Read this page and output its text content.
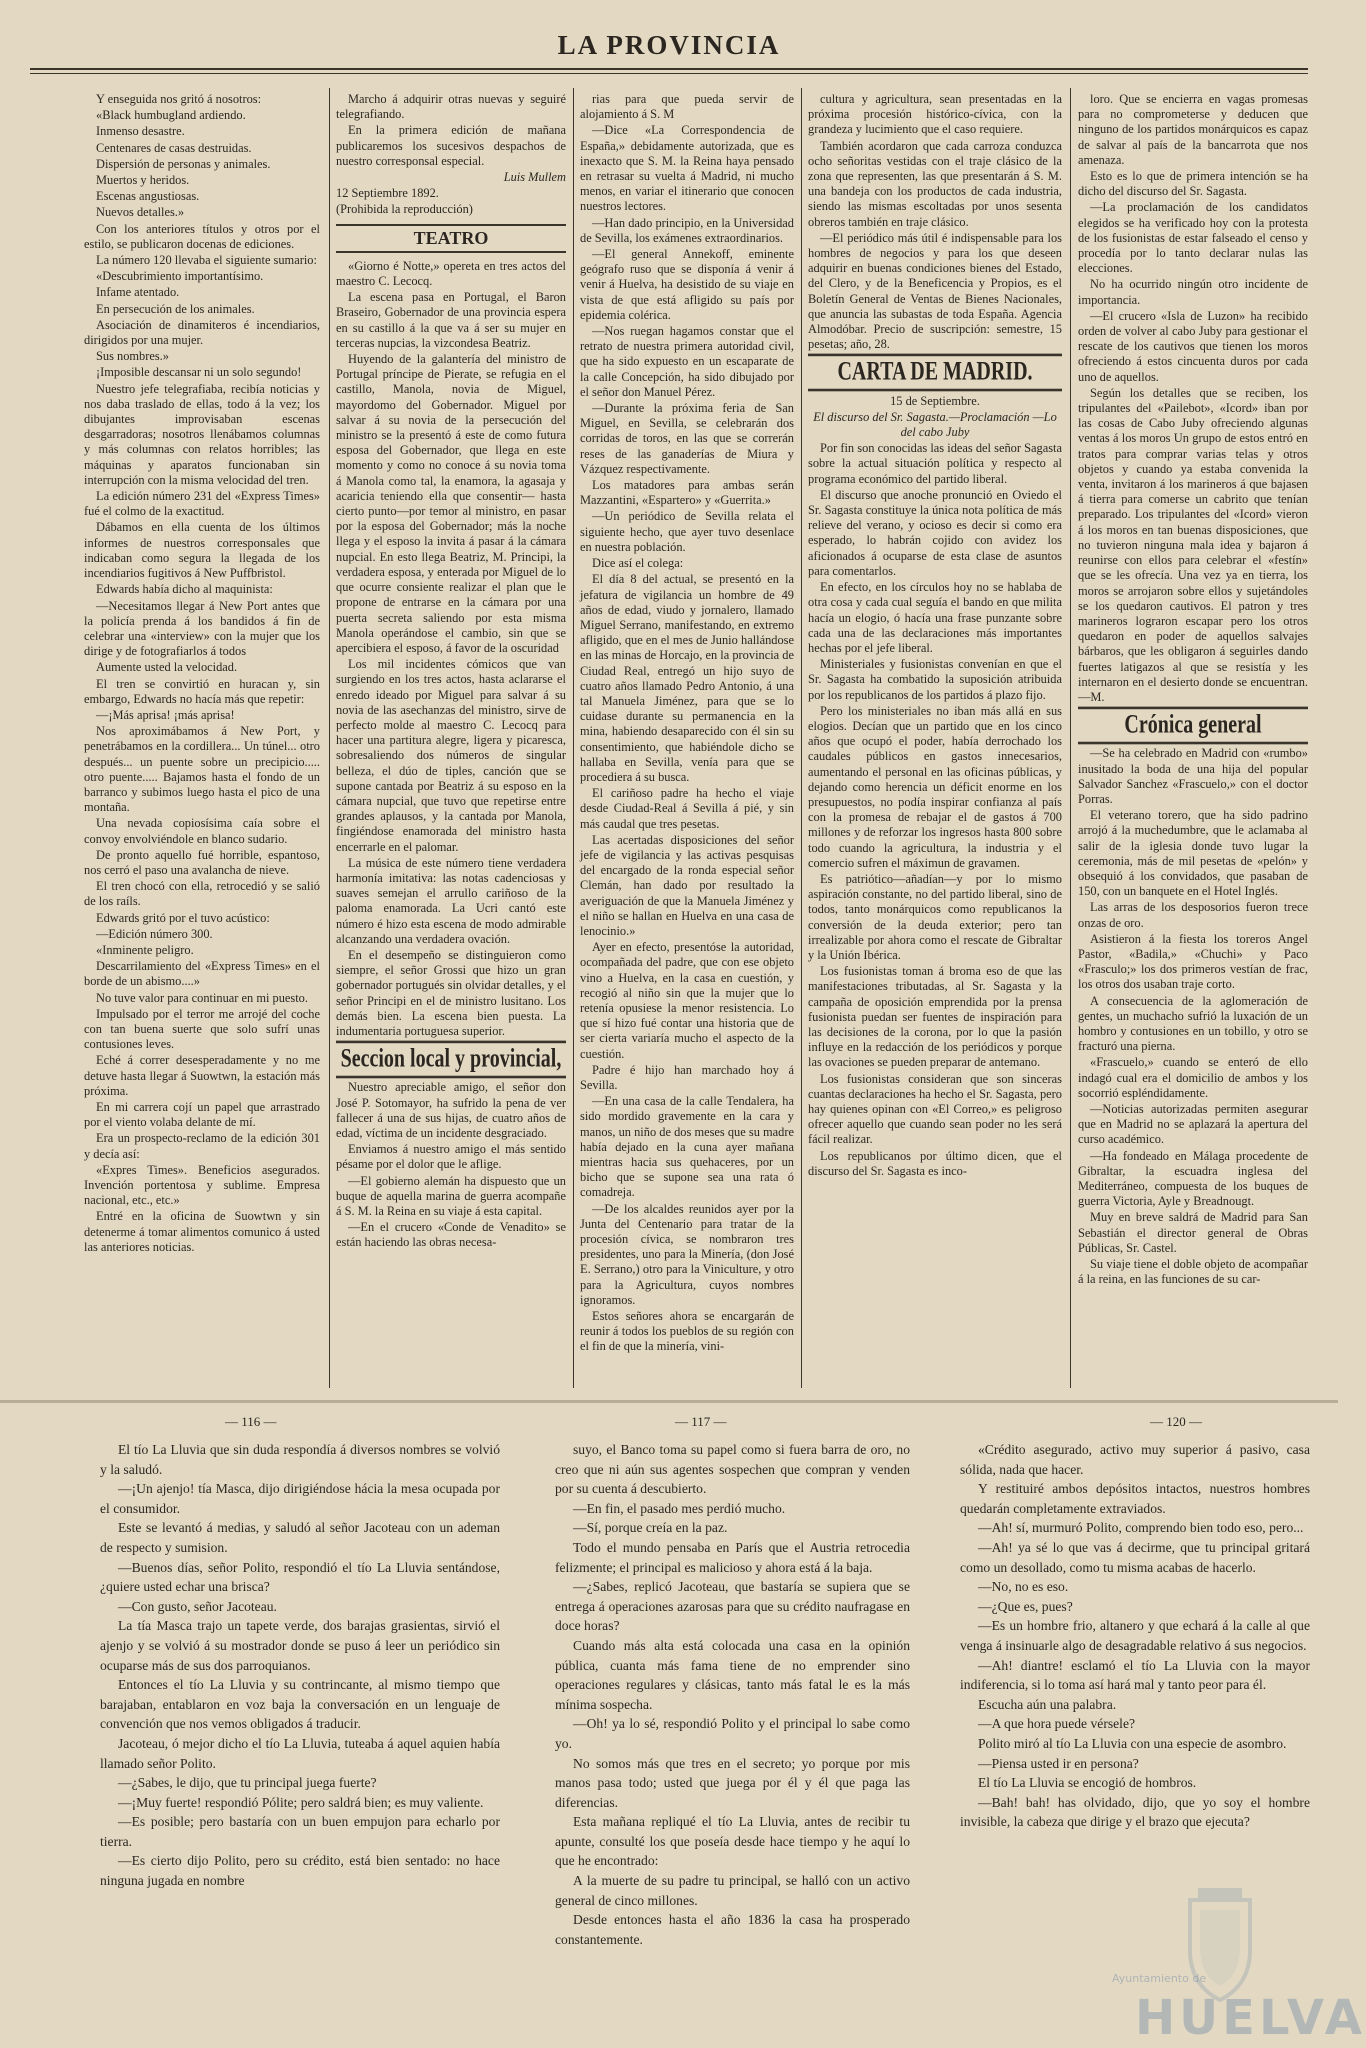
LA PROVINCIA

Y enseguida nos gritó á nosotros:

«Black humbugland ardiendo.

Inmenso desastre.

Centenares de casas destruidas.

Dispersión de personas y animales.

Muertos y heridos.

Escenas angustiosas.

Nuevos detalles.»

Con los anteriores títulos y otros por el estilo, se publicaron docenas de ediciones.

La número 120 llevaba el siguiente sumario:

«Descubrimiento importantísimo.

Infame atentado.

En persecución de los animales.

Asociación de dinamiteros é incendiarios, dirigidos por una mujer.

Sus nombres.»

¡Imposible descansar ni un solo segundo!

Nuestro jefe telegrafiaba, recibía noticias y nos daba traslado de ellas, todo á la vez; los dibujantes improvisaban escenas desgarradoras; nosotros llenábamos columnas y más columnas con relatos horribles; las máquinas y aparatos funcionaban sin interrupción con la misma velocidad del tren.

La edición número 231 del «Express Times» fué el colmo de la exactitud.

Dábamos en ella cuenta de los últimos informes de nuestros corresponsales que indicaban como segura la llegada de los incendiarios fugitivos á New Puffbristol.

Edwards había dicho al maquinista:

—Necesitamos llegar á New Port antes que la policía prenda á los bandidos á fin de celebrar una «interview» con la mujer que los dirige y de fotografiarlos á todos

Aumente usted la velocidad.

El tren se convirtió en huracan y, sin embargo, Edwards no hacía más que repetir:

—¡Más aprisa! ¡más aprisa!

Nos aproximábamos á New Port, y penetrábamos en la cordillera... Un túnel... otro después... un puente sobre un precipicio..... otro puente..... Bajamos hasta el fondo de un barranco y subimos luego hasta el pico de una montaña.

Una nevada copiosísima caía sobre el convoy envolviéndole en blanco sudario.

De pronto aquello fué horrible, espantoso, nos cerró el paso una avalancha de nieve.

El tren chocó con ella, retrocedió y se salió de los raíls.

Edwards gritó por el tuvo acústico:

—Edición número 300.

«Inminente peligro.

Descarrilamiento del «Express Times» en el borde de un abismo....»

No tuve valor para continuar en mi puesto.

Impulsado por el terror me arrojé del coche con tan buena suerte que solo sufrí unas contusiones leves.

Eché á correr desesperadamente y no me detuve hasta llegar á Suowtwn, la estación más próxima.

En mi carrera cojí un papel que arrastrado por el viento volaba delante de mí.

Era un prospecto-reclamo de la edición 301 y decía así:

«Expres Times». Beneficios asegurados. Invención portentosa y sublime. Empresa nacional, etc., etc.»

Entré en la oficina de Suowtwn y sin detenerme á tomar alimentos comunico á usted las anteriores noticias.

Marcho á adquirir otras nuevas y seguiré telegrafiando.

En la primera edición de mañana publicaremos los sucesivos despachos de nuestro corresponsal especial.

Luis Mullem

12 Septiembre 1892.

(Prohibida la reproducción)

TEATRO

«Giorno é Notte,» opereta en tres actos del maestro C. Lecocq.

La escena pasa en Portugal, el Baron Braseiro, Gobernador de una provincia espera en su castillo á la que va á ser su mujer en terceras nupcias, la vizcondesa Beatriz.

Huyendo de la galantería del ministro de Portugal príncipe de Pierate, se refugia en el castillo, Manola, novia de Miguel, mayordomo del Gobernador. Miguel por salvar á su novia de la persecución del ministro se la presentó á este de como futura esposa del Gobernador, que llega en este momento y como no conoce á su novia toma á Manola como tal, la enamora, la agasaja y acaricia teniendo ella que consentir— hasta cierto punto—por temor al ministro, en pasar por la esposa del Gobernador; más la noche llega y el esposo la invita á pasar á la cámara nupcial. En esto llega Beatriz, M. Principi, la verdadera esposa, y enterada por Miguel de lo que ocurre consiente realizar el plan que le propone de entrarse en la cámara por una puerta secreta saliendo por esta misma Manola operándose el cambio, sin que se apercibiera el esposo, á favor de la oscuridad

Los mil incidentes cómicos que van surgiendo en los tres actos, hasta aclararse el enredo ideado por Miguel para salvar á su novia de las asechanzas del ministro, sirve de perfecto molde al maestro C. Lecocq para hacer una partitura alegre, ligera y picaresca, sobresaliendo dos números de singular belleza, el dúo de tiples, canción que se supone cantada por Beatriz á su esposo en la cámara nupcial, que tuvo que repetirse entre grandes aplausos, y la cantada por Manola, fingiéndose enamorada del ministro hasta encerrarle en el palomar.

La música de este número tiene verdadera harmonía imitativa: las notas cadenciosas y suaves semejan el arrullo cariñoso de la paloma enamorada. La Ucri cantó este número é hizo esta escena de modo admirable alcanzando una verdadera ovación.

En el desempeño se distinguieron como siempre, el señor Grossi que hizo un gran gobernador portugués sin olvidar detalles, y el señor Principi en el de ministro lusitano. Los demás bien. La escena bien puesta. La indumentaria portuguesa superior.

Seccion local y provincial,

Nuestro apreciable amigo, el señor don José P. Sotomayor, ha sufrido la pena de ver fallecer á una de sus hijas, de cuatro años de edad, víctima de un incidente desgraciado.

Enviamos á nuestro amigo el más sentido pésame por el dolor que le aflige.

—El gobierno alemán ha dispuesto que un buque de aquella marina de guerra acompañe á S. M. la Reina en su viaje á esta capital.

—En el crucero «Conde de Venadito» se están haciendo las obras necesa-

rias para que pueda servir de alojamiento á S. M

—Dice «La Correspondencia de España,» debidamente autorizada, que es inexacto que S. M. la Reina haya pensado en retrasar su vuelta á Madrid, ni mucho menos, en variar el itinerario que conocen nuestros lectores.

—Han dado principio, en la Universidad de Sevilla, los exámenes extraordinarios.

—El general Annekoff, eminente geógrafo ruso que se disponía á venir á venir á Huelva, ha desistido de su viaje en vista de que está afligido su país por epidemia colérica.

—Nos ruegan hagamos constar que el retrato de nuestra primera autoridad civil, que ha sido expuesto en un escaparate de la calle Concepción, ha sido dibujado por el señor don Manuel Pérez.

—Durante la próxima feria de San Miguel, en Sevilla, se celebrarán dos corridas de toros, en las que se correrán reses de las ganaderías de Miura y Vázquez respectivamente.

Los matadores para ambas serán Mazzantini, «Espartero» y «Guerrita.»

—Un periódico de Sevilla relata el siguiente hecho, que ayer tuvo desenlace en nuestra población.

Dice así el colega:

El día 8 del actual, se presentó en la jefatura de vigilancia un hombre de 49 años de edad, viudo y jornalero, llamado Miguel Serrano, manifestando, en extremo afligido, que en el mes de Junio hallándose en las minas de Horcajo, en la provincia de Ciudad Real, entregó un hijo suyo de cuatro años llamado Pedro Antonio, á una tal Manuela Jiménez, para que se lo cuidase durante su permanencia en la mina, habiendo desaparecido con él sin su consentimiento, que habiéndole dicho se hallaba en Sevilla, venía para que se procediera á su busca.

El cariñoso padre ha hecho el viaje desde Ciudad-Real á Sevilla á pié, y sin más caudal que tres pesetas.

Las acertadas disposiciones del señor jefe de vigilancia y las activas pesquisas del encargado de la ronda especial señor Clemán, han dado por resultado la averiguación de que la Manuela Jiménez y el niño se hallan en Huelva en una casa de lenocinio.»

Ayer en efecto, presentóse la autoridad, ocompañada del padre, que con ese objeto vino a Huelva, en la casa en cuestión, y recogió al niño sin que la mujer que lo retenía opusiese la menor resistencia. Lo que sí hizo fué contar una historia que de ser cierta variaría mucho el aspecto de la cuestión.

Padre é hijo han marchado hoy á Sevilla.

—En una casa de la calle Tendalera, ha sido mordido gravemente en la cara y manos, un niño de dos meses que su madre había dejado en la cuna ayer mañana mientras hacia sus quehaceres, por un bicho que se supone sea una rata ó comadreja.

—De los alcaldes reunidos ayer por la Junta del Centenario para tratar de la procesión cívica, se nombraron tres presidentes, uno para la Minería, (don José E. Serrano,) otro para la Viniculture, y otro para la Agricultura, cuyos nombres ignoramos.

Estos señores ahora se encargarán de reunir á todos los pueblos de su región con el fin de que la minería, vini-

cultura y agricultura, sean presentadas en la próxima procesión histórico-cívica, con la grandeza y lucimiento que el caso requiere.

También acordaron que cada carroza conduzca ocho señoritas vestidas con el traje clásico de la zona que representen, las que presentarán á S. M. una bandeja con los productos de cada industria, siendo las mismas escoltadas por unos sesenta obreros también en traje clásico.

—El periódico más útil é indispensable para los hombres de negocios y para los que deseen adquirir en buenas condiciones bienes del Estado, del Clero, y de la Beneficencia y Propios, es el Boletín General de Ventas de Bienes Nacionales, que anuncia las subastas de toda España. Agencia Almodóbar. Precio de suscripción: semestre, 15 pesetas; año, 28.

CARTA DE MADRID.

15 de Septiembre.

El discurso del Sr. Sagasta.—Proclamación —Lo del cabo Juby

Por fin son conocidas las ideas del señor Sagasta sobre la actual situación política y respecto al programa económico del partido liberal.

El discurso que anoche pronunció en Oviedo el Sr. Sagasta constituye la única nota política de más relieve del verano, y ocioso es decir si como era esperado, lo habrán cojido con avidez los aficionados á ocuparse de esta clase de asuntos para comentarlos.

En efecto, en los círculos hoy no se hablaba de otra cosa y cada cual seguía el bando en que milita hacía un elogio, ó hacía una frase punzante sobre cada una de las declaraciones más importantes hechas por el jefe liberal.

Ministeriales y fusionistas convenían en que el Sr. Sagasta ha combatido la suposición atribuida por los republicanos de los partidos á plazo fijo.

Pero los ministeriales no iban más allá en sus elogios. Decían que un partido que en los cinco años que ocupó el poder, había derrochado los caudales públicos en gastos innecesarios, aumentando el personal en las oficinas públicas, y dejando como herencia un déficit enorme en los presupuestos, no podía inspirar confianza al país con la promesa de rebajar el de gastos á 700 millones y de reforzar los ingresos hasta 800 sobre todo cuando la agricultura, la industria y el comercio sufren el máximun de gravamen.

Es patriótico—añadían—y por lo mismo aspiración constante, no del partido liberal, sino de todos, tanto monárquicos como republicanos la conversión de la deuda exterior; pero tan irrealizable por ahora como el rescate de Gibraltar y la Unión Ibérica.

Los fusionistas toman á broma eso de que las manifestaciones tributadas, al Sr. Sagasta y la campaña de oposición emprendida por la prensa fusionista puedan ser fuentes de inspiración para las decisiones de la corona, por lo que la pasión influye en la redacción de los periódicos y porque las ovaciones se pueden preparar de antemano.

Los fusionistas consideran que son sinceras cuantas declaraciones ha hecho el Sr. Sagasta, pero hay quienes opinan con «El Correo,» es peligroso ofrecer aquello que cuando sean poder no les será fácil realizar.

Los republicanos por último dicen, que el discurso del Sr. Sagasta es inco-

loro. Que se encierra en vagas promesas para no comprometerse y deducen que ninguno de los partidos monárquicos es capaz de salvar al país de la bancarrota que nos amenaza.

Esto es lo que de primera intención se ha dicho del discurso del Sr. Sagasta.

—La proclamación de los candidatos elegidos se ha verificado hoy con la protesta de los fusionistas de estar falseado el censo y procedía por lo tanto declarar nulas las elecciones.

No ha ocurrido ningún otro incidente de importancia.

—El crucero «Isla de Luzon» ha recibido orden de volver al cabo Juby para gestionar el rescate de los cautivos que tienen los moros ofreciendo á estos cincuenta duros por cada uno de aquellos.

Según los detalles que se reciben, los tripulantes del «Pailebot», «Icord» iban por las cosas de Cabo Juby ofreciendo algunas ventas á los moros Un grupo de estos entró en tratos para comprar varias telas y otros objetos y cuando ya estaba convenida la venta, invitaron á los marineros á que bajasen á tierra para comerse un cabrito que tenían preparado. Los tripulantes del «Icord» vieron á los moros en tan buenas disposiciones, que no tuvieron ninguna mala idea y bajaron á reunirse con ellos para celebrar el «festín» que se les ofrecía. Una vez ya en tierra, los moros se arrojaron sobre ellos y sujetándoles se los quedaron cautivos. El patron y tres marineros lograron escapar pero los otros quedaron en poder de aquellos salvajes bárbaros, que les obligaron á seguirles dando fuertes latigazos al que se resistía y les internaron en el desierto donde se encuentran.—M.

Crónica general

—Se ha celebrado en Madrid con «rumbo» inusitado la boda de una hija del popular Salvador Sanchez «Frascuelo,» con el doctor Porras.

El veterano torero, que ha sido padrino arrojó á la muchedumbre, que le aclamaba al salir de la iglesia donde tuvo lugar la ceremonia, más de mil pesetas de «pelón» y obsequió á los convidados, que pasaban de 150, con un banquete en el Hotel Inglés.

Las arras de los desposorios fueron trece onzas de oro.

Asistieron á la fiesta los toreros Angel Pastor, «Badila,» «Chuchi» y Paco «Frasculo;» los dos primeros vestían de frac, los otros dos usaban traje corto.

A consecuencia de la aglomeración de gentes, un muchacho sufrió la luxación de un hombro y contusiones en un tobillo, y otro se fracturó una pierna.

«Frascuelo,» cuando se enteró de ello indagó cual era el domicilio de ambos y los socorrió espléndidamente.

—Noticias autorizadas permiten asegurar que en Madrid no se aplazará la apertura del curso académico.

—Ha fondeado en Málaga procedente de Gibraltar, la escuadra inglesa del Mediterráneo, compuesta de los buques de guerra Victoria, Ayle y Breadnougt.

Muy en breve saldrá de Madrid para San Sebastián el director general de Obras Públicas, Sr. Castel.

Su viaje tiene el doble objeto de acompañar á la reina, en las funciones de su car-

— 116 —	— 117 —	— 120 —

El tío La Lluvia que sin duda respondía á diversos nombres se volvió y la saludó.

—¡Un ajenjo! tía Masca, dijo dirigiéndose hácia la mesa ocupada por el consumidor.

Este se levantó á medias, y saludó al señor Jacoteau con un ademan de respecto y sumision.

—Buenos días, señor Polito, respondió el tío La Lluvia sentándose, ¿quiere usted echar una brisca?

—Con gusto, señor Jacoteau.

La tía Masca trajo un tapete verde, dos barajas grasientas, sirvió el ajenjo y se volvió á su mostrador donde se puso á leer un periódico sin ocuparse más de sus dos parroquianos.

Entonces el tío La Lluvia y su contrincante, al mismo tiempo que barajaban, entablaron en voz baja la conversación en un lenguaje de convención que nos vemos obligados á traducir.

Jacoteau, ó mejor dicho el tío La Lluvia, tuteaba á aquel aquien había llamado señor Polito.

—¿Sabes, le dijo, que tu principal juega fuerte?

—¡Muy fuerte! respondió Pólite; pero saldrá bien; es muy valiente.

—Es posible; pero bastaría con un buen empujon para echarlo por tierra.

—Es cierto dijo Polito, pero su crédito, está bien sentado: no hace ninguna jugada en nombre

suyo, el Banco toma su papel como si fuera barra de oro, no creo que ni aún sus agentes sospechen que compran y venden por su cuenta á descubierto.

—En fin, el pasado mes perdió mucho.

—Sí, porque creía en la paz.

Todo el mundo pensaba en París que el Austria retrocedia felizmente; el principal es malicioso y ahora está á la baja.

—¿Sabes, replicó Jacoteau, que bastaría se supiera que se entrega á operaciones azarosas para que su crédito naufragase en doce horas?

Cuando más alta está colocada una casa en la opinión pública, cuanta más fama tiene de no emprender sino operaciones regulares y clásicas, tanto más fatal le es la más mínima sospecha.

—Oh! ya lo sé, respondió Polito y el principal lo sabe como yo.

No somos más que tres en el secreto; yo porque por mis manos pasa todo; usted que juega por él y él que paga las diferencias.

Esta mañana repliqué el tío La Lluvia, antes de recibir tu apunte, consulté los que poseía desde hace tiempo y he aquí lo que he encontrado:

A la muerte de su padre tu principal, se halló con un activo general de cinco millones.

Desde entonces hasta el año 1836 la casa ha prosperado constantemente.

«Crédito asegurado, activo muy superior á pasivo, casa sólida, nada que hacer.

Y restituiré ambos depósitos intactos, nuestros hombres quedarán completamente extraviados.

—Ah! sí, murmuró Polito, comprendo bien todo eso, pero...

—Ah! ya sé lo que vas á decirme, que tu principal gritará como un desollado, como tu misma acabas de hacerlo.

—No, no es eso.

—¿Que es, pues?

—Es un hombre frio, altanero y que echará á la calle al que venga á insinuarle algo de desagradable relativo á sus negocios.

—Ah! diantre! esclamó el tío La Lluvia con la mayor indiferencia, si lo toma así hará mal y tanto peor para él.

Escucha aún una palabra.

—A que hora puede vérsele?

Polito miró al tío La Lluvia con una especie de asombro.

—Piensa usted ir en persona?

El tío La Lluvia se encogió de hombros.

—Bah! bah! has olvidado, dijo, que yo soy el hombre invisible, la cabeza que dirige y el brazo que ejecuta?

Ayuntamiento de
HUELVA
